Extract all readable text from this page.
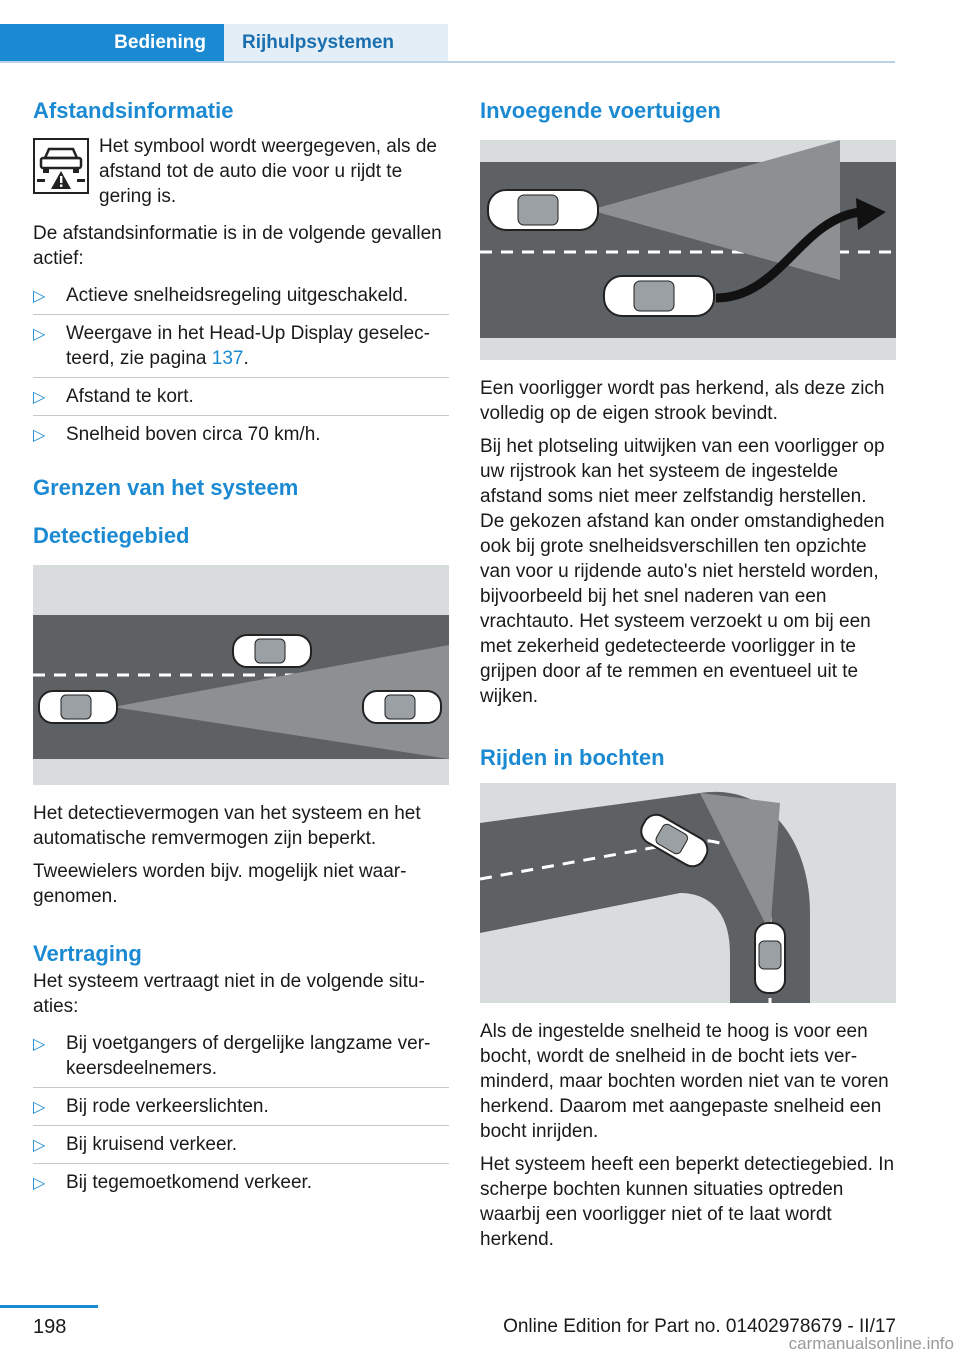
Bediening	Rijhulpsystemen
Afstandsinformatie
Het symbool wordt weergegeven, als de afstand tot de auto die voor u rijdt te gering is.

De afstandsinformatie is in de volgende gevallen actief:

▷ Actieve snelheidsregeling uitgeschakeld.
▷ Weergave in het Head-Up Display geselecteerd, zie pagina 137.
▷ Afstand te kort.
▷ Snelheid boven circa 70 km/h.
Grenzen van het systeem
Detectiegebied

Het detectievermogen van het systeem en het automatische remvermogen zijn beperkt.

Tweewielers worden bijv. mogelijk niet waargenomen.

Vertraging

Het systeem vertraagt niet in de volgende situaties:

▷ Bij voetgangers of dergelijke langzame verkeersdeelnemers.
▷ Bij rode verkeerslichten.
▷ Bij kruisend verkeer.
▷ Bij tegemoetkomend verkeer.
Invoegende voertuigen

Een voorligger wordt pas herkend, als deze zich volledig op de eigen strook bevindt.

Bij het plotseling uitwijken van een voorligger op uw rijstrook kan het systeem de ingestelde afstand soms niet meer zelfstandig herstellen. De gekozen afstand kan onder omstandigheden ook bij grote snelheidsverschillen ten opzichte van voor u rijdende auto's niet hersteld worden, bijvoorbeeld bij het snel naderen van een vrachtauto. Het systeem verzoekt u om bij een met zekerheid gedetecteerde voorligger in te grijpen door af te remmen en eventueel uit te wijken.

Rijden in bochten

Als de ingestelde snelheid te hoog is voor een bocht, wordt de snelheid in de bocht iets verminderd, maar bochten worden niet van te voren herkend. Daarom met aangepaste snelheid een bocht inrijden.

Het systeem heeft een beperkt detectiegebied. In scherpe bochten kunnen situaties optreden waarbij een voorligger niet of te laat wordt herkend.

198	Online Edition for Part no. 01402978679 - II/17
carmanualsonline.info
